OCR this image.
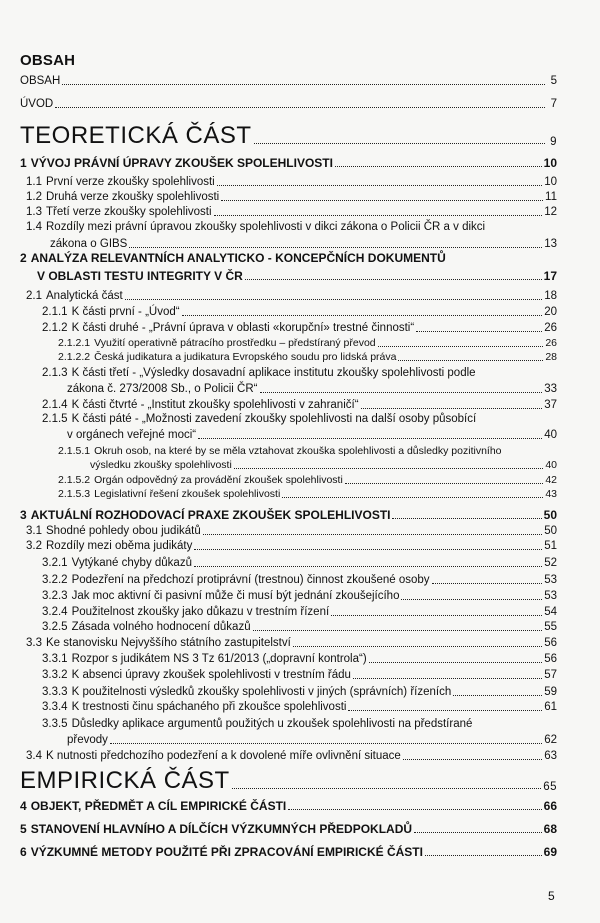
OBSAH
OBSAH	5
ÚVOD	7
TEORETICKÁ ČÁST	9
1 VÝVOJ PRÁVNÍ ÚPRAVY ZKOUŠEK SPOLEHLIVOSTI	10
1.1 První verze zkoušky spolehlivosti	10
1.2 Druhá verze zkoušky spolehlivosti	11
1.3 Třetí verze zkoušky spolehlivosti	12
1.4 Rozdíly mezi právní úpravou zkoušky spolehlivosti v dikci zákona o Policii ČR a v dikci
zákona o GIBS	13
2 ANALÝZA RELEVANTNÍCH ANALYTICKO - KONCEPČNÍCH DOKUMENTŮ
V OBLASTI TESTU INTEGRITY V ČR	17
2.1 Analytická část	18
2.1.1 K části první - „Úvod“	20
2.1.2 K části druhé - „Právní úprava v oblasti «korupční» trestné činnosti“	26
2.1.2.1 Využití operativně pátracího prostředku – předstíraný převod	26
2.1.2.2 Česká judikatura a judikatura Evropského soudu pro lidská práva	28
2.1.3 K části třetí - „Výsledky dosavadní aplikace institutu zkoušky spolehlivosti podle
zákona č. 273/2008 Sb., o Policii ČR“	33
2.1.4 K části čtvrté - „Institut zkoušky spolehlivosti v zahraničí“	37
2.1.5 K části páté - „Možnosti zavedení zkoušky spolehlivosti na další osoby působící
v orgánech veřejné moci“	40
2.1.5.1 Okruh osob, na které by se měla vztahovat zkouška spolehlivosti a důsledky pozitivního
výsledku zkoušky spolehlivosti	40
2.1.5.2 Orgán odpovědný za provádění zkoušek spolehlivosti	42
2.1.5.3 Legislativní řešení zkoušek spolehlivosti	43
3 AKTUÁLNÍ ROZHODOVACÍ PRAXE ZKOUŠEK SPOLEHLIVOSTI	50
3.1 Shodné pohledy obou judikátů	50
3.2 Rozdíly mezi oběma judikáty	51
3.2.1 Vytýkané chyby důkazů	52
3.2.2 Podezření na předchozí protiprávní (trestnou) činnost zkoušené osoby	53
3.2.3 Jak moc aktivní či pasivní může či musí být jednání zkoušejícího	53
3.2.4 Použitelnost zkoušky jako důkazu v trestním řízení	54
3.2.5 Zásada volného hodnocení důkazů	55
3.3 Ke stanovisku Nejvyššího státního zastupitelství	56
3.3.1 Rozpor s judikátem NS 3 Tz 61/2013 („dopravní kontrola“)	56
3.3.2 K absenci úpravy zkoušek spolehlivosti v trestním řádu	57
3.3.3 K použitelnosti výsledků zkoušky spolehlivosti v jiných (správních) řízeních	59
3.3.4 K trestnosti činu spáchaného při zkoušce spolehlivosti	61
3.3.5 Důsledky aplikace argumentů použitých u zkoušek spolehlivosti na předstírané
převody	62
3.4 K nutnosti předchozího podezření a k dovolené míře ovlivnění situace	63
EMPIRICKÁ ČÁST	65
4 OBJEKT, PŘEDMĚT A CÍL EMPIRICKÉ ČÁSTI	66
5 STANOVENÍ HLAVNÍHO A DÍLČÍCH VÝZKUMNÝCH PŘEDPOKLADŮ	68
6 VÝZKUMNÉ METODY POUŽITÉ PŘI ZPRACOVÁNÍ EMPIRICKÉ ČÁSTI	69
5
